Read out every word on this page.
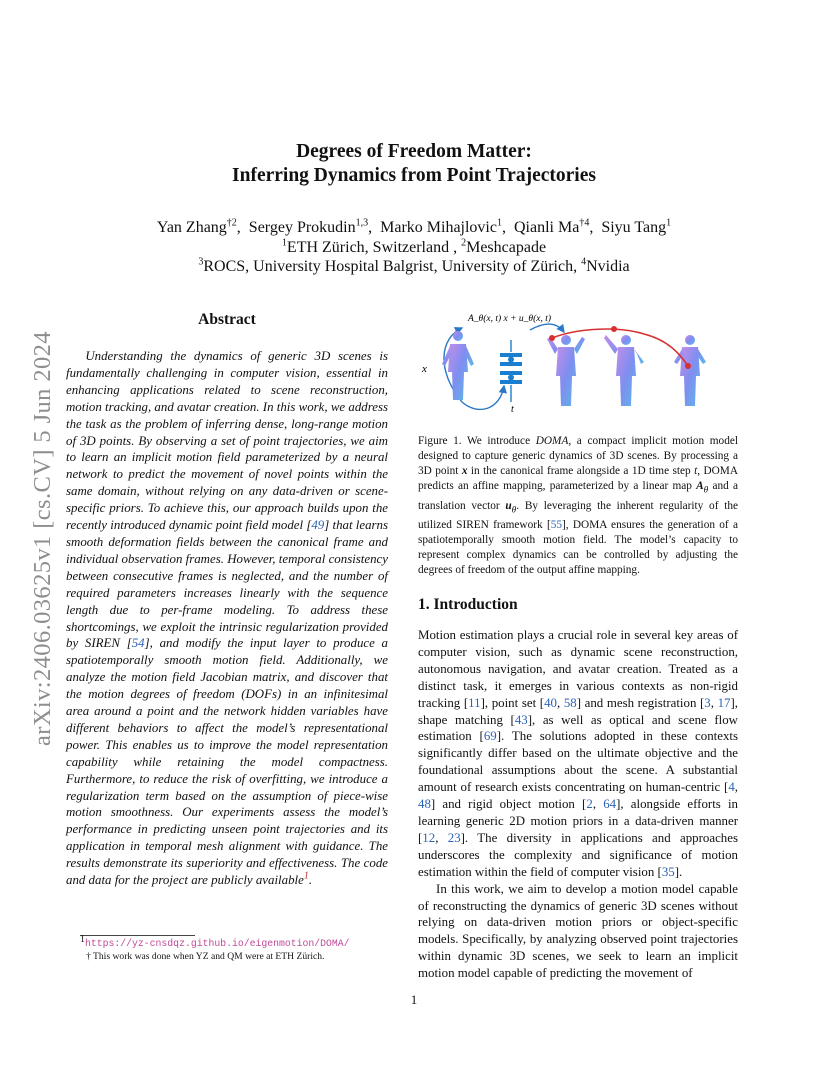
arXiv:2406.03625v1 [cs.CV] 5 Jun 2024
Degrees of Freedom Matter:
Inferring Dynamics from Point Trajectories
Yan Zhang$^{\dagger 2}$,  Sergey Prokudin$^{1,3}$,  Marko Mihajlovic$^1$,  Qianli Ma$^{\dagger 4}$,  Siyu Tang$^1$
$^1$ETH Zürich, Switzerland , $^2$Meshcapade
$^3$ROCS, University Hospital Balgrist, University of Zürich, $^4$Nvidia
Abstract
Understanding the dynamics of generic 3D scenes is fundamentally challenging in computer vision, essential in enhancing applications related to scene reconstruction, motion tracking, and avatar creation. In this work, we address the task as the problem of inferring dense, long-range motion of 3D points. By observing a set of point trajectories, we aim to learn an implicit motion field parameterized by a neural network to predict the movement of novel points within the same domain, without relying on any data-driven or scene-specific priors. To achieve this, our approach builds upon the recently introduced dynamic point field model [49] that learns smooth deformation fields between the canonical frame and individual observation frames. However, temporal consistency between consecutive frames is neglected, and the number of required parameters increases linearly with the sequence length due to per-frame modeling. To address these shortcomings, we exploit the intrinsic regularization provided by SIREN [54], and modify the input layer to produce a spatiotemporally smooth motion field. Additionally, we analyze the motion field Jacobian matrix, and discover that the motion degrees of freedom (DOFs) in an infinitesimal area around a point and the network hidden variables have different behaviors to affect the model’s representational power. This enables us to improve the model representation capability while retaining the model compactness. Furthermore, to reduce the risk of overfitting, we introduce a regularization term based on the assumption of piece-wise motion smoothness. Our experiments assess the model’s performance in predicting unseen point trajectories and its application in temporal mesh alignment with guidance. The results demonstrate its superiority and effectiveness. The code and data for the project are publicly available$^1$.
$^1$https://yz-cnsdqz.github.io/eigenmotion/DOMA/
† This work was done when YZ and QM were at ETH Zürich.
x
t
A_θ(x, t) x + u_θ(x, t)
Figure 1. We introduce DOMA, a compact implicit motion model designed to capture generic dynamics of 3D scenes. By processing a 3D point x in the canonical frame alongside a 1D time step t, DOMA predicts an affine mapping, parameterized by a linear map $A_\theta$ and a translation vector $u_\theta$. By leveraging the inherent regularity of the utilized SIREN framework [55], DOMA ensures the generation of a spatiotemporally smooth motion field. The model’s capacity to represent complex dynamics can be controlled by adjusting the degrees of freedom of the output affine mapping.
1. Introduction

Motion estimation plays a crucial role in several key areas of computer vision, such as dynamic scene reconstruction, autonomous navigation, and avatar creation. Treated as a distinct task, it emerges in various contexts as non-rigid tracking [11], point set [40, 58] and mesh registration [3, 17], shape matching [43], as well as optical and scene flow estimation [69]. The solutions adopted in these contexts significantly differ based on the ultimate objective and the foundational assumptions about the scene. A substantial amount of research exists concentrating on human-centric [4, 48] and rigid object motion [2, 64], alongside efforts in learning generic 2D motion priors in a data-driven manner [12, 23]. The diversity in applications and approaches underscores the complexity and significance of motion estimation within the field of computer vision [35].

In this work, we aim to develop a motion model capable of reconstructing the dynamics of generic 3D scenes without relying on data-driven motion priors or object-specific models. Specifically, by analyzing observed point trajectories within dynamic 3D scenes, we seek to learn an implicit motion model capable of predicting the movement of

1
